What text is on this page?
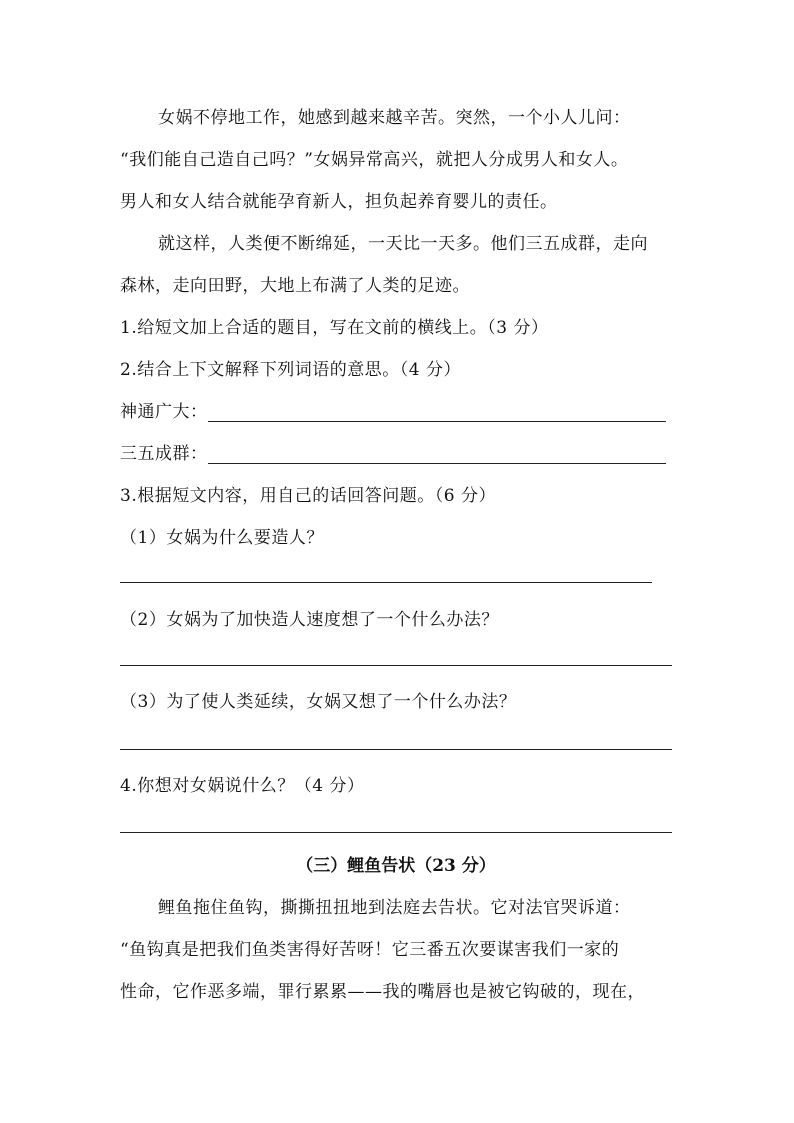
女娲不停地工作，她感到越来越辛苦。突然，一个小人儿问：
“我们能自己造自己吗？”女娲异常高兴，就把人分成男人和女人。
男人和女人结合就能孕育新人，担负起养育婴儿的责任。
就这样，人类便不断绵延，一天比一天多。他们三五成群，走向
森林，走向田野，大地上布满了人类的足迹。
1.给短文加上合适的题目，写在文前的横线上。（3 分）
2.结合上下文解释下列词语的意思。（4 分）
神通广大：
三五成群：
3.根据短文内容，用自己的话回答问题。（6 分）
（1）女娲为什么要造人？
（2）女娲为了加快造人速度想了一个什么办法？
（3）为了使人类延续，女娲又想了一个什么办法？
4.你想对女娲说什么？（4 分）
（三）鲤鱼告状（23 分）
鲤鱼拖住鱼钩，撕撕扭扭地到法庭去告状。它对法官哭诉道：
“鱼钩真是把我们鱼类害得好苦呀！它三番五次要谋害我们一家的
性命，它作恶多端，罪行累累——我的嘴唇也是被它钩破的，现在，
